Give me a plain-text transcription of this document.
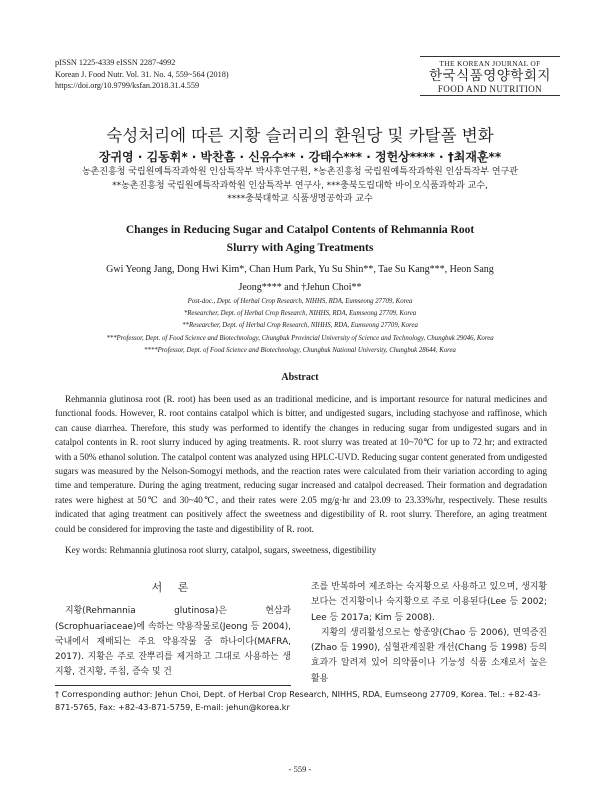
pISSN 1225-4339 eISSN 2287-4992
Korean J. Food Nutr. Vol. 31. No. 4, 559~564 (2018)
https://doi.org/10.9799/ksfan.2018.31.4.559
THE KOREAN JOURNAL OF
한국식품영양학회지
FOOD AND NUTRITION
숙성처리에 따른 지황 슬러리의 환원당 및 카탈폴 변화
장귀영 · 김동휘* · 박찬흠 · 신유수** · 강태수*** · 정헌상**** · †최재훈**
농촌진흥청 국립원예특작과학원 인삼특작부 박사후연구원, *농촌진흥청 국립원예특작과학원 인삼특작부 연구관
**농촌진흥청 국립원예특작과학원 인삼특작부 연구사, ***충북도립대학 바이오식품과학과 교수,
****충북대학교 식품생명공학과 교수
Changes in Reducing Sugar and Catalpol Contents of Rehmannia Root Slurry with Aging Treatments
Gwi Yeong Jang, Dong Hwi Kim*, Chan Hum Park, Yu Su Shin**, Tae Su Kang***, Heon Sang Jeong**** and †Jehun Choi**
Post-doc., Dept. of Herbal Crop Research, NIHHS, RDA, Eumseong 27709, Korea
*Researcher, Dept. of Herbal Crop Research, NIHHS, RDA, Eumseong 27709, Korea
**Researcher, Dept. of Herbal Crop Research, NIHHS, RDA, Eumseong 27709, Korea
***Professor, Dept. of Food Science and Biotechnology, Chungbuk Provincial University of Science and Technology, Chungbuk 29046, Korea
****Professor, Dept. of Food Science and Biotechnology, Chungbuk National University, Chungbuk 28644, Korea
Abstract
Rehmannia glutinosa root (R. root) has been used as an traditional medicine, and is important resource for natural medicines and functional foods. However, R. root contains catalpol which is bitter, and undigested sugars, including stachyose and raffinose, which can cause diarrhea. Therefore, this study was performed to identify the changes in reducing sugar from undigested sugars and in catalpol contents in R. root slurry induced by aging treatments. R. root slurry was treated at 10~70℃ for up to 72 hr; and extracted with a 50% ethanol solution. The catalpol content was analyzed using HPLC-UVD. Reducing sugar content generated from undigested sugars was measured by the Nelson-Somogyi methods, and the reaction rates were calculated from their variation according to aging time and temperature. During the aging treatment, reducing sugar increased and catalpol decreased. Their formation and degradation rates were highest at 50℃ and 30~40℃, and their rates were 2.05 mg/g·hr and 23.09 to 23.33%/hr, respectively. These results indicated that aging treatment can positively affect the sweetness and digestibility of R. root slurry. Therefore, an aging treatment could be considered for improving the taste and digestibility of R. root.
Key words: Rehmannia glutinosa root slurry, catalpol, sugars, sweetness, digestibility
서 론
지황(Rehmannia glutinosa)은 현삼과(Scrophuariaceae)에 속하는 약용작물로(Jeong 등 2004), 국내에서 재배되는 주요 약용작물 중 하나이다(MAFRA, 2017). 지황은 주로 잔뿌리를 제거하고 그대로 사용하는 생지황, 건지황, 주침, 증숙 및 건
조를 반복하여 제조하는 숙지황으로 사용하고 있으며, 생지황보다는 건지황이나 숙지황으로 주로 이용된다(Lee 등 2002; Lee 등 2017a; Kim 등 2008).
지황의 생리활성으로는 항종양(Chao 등 2006), 면역증진(Zhao 등 1990), 심혈관계질환 개선(Chang 등 1998) 등의 효과가 알려져 있어 의약품이나 기능성 식품 소재로서 높은 활용
† Corresponding author: Jehun Choi, Dept. of Herbal Crop Research, NIHHS, RDA, Eumseong 27709, Korea. Tel.: +82-43-871-5765, Fax: +82-43-871-5759, E-mail: jehun@korea.kr
- 559 -
